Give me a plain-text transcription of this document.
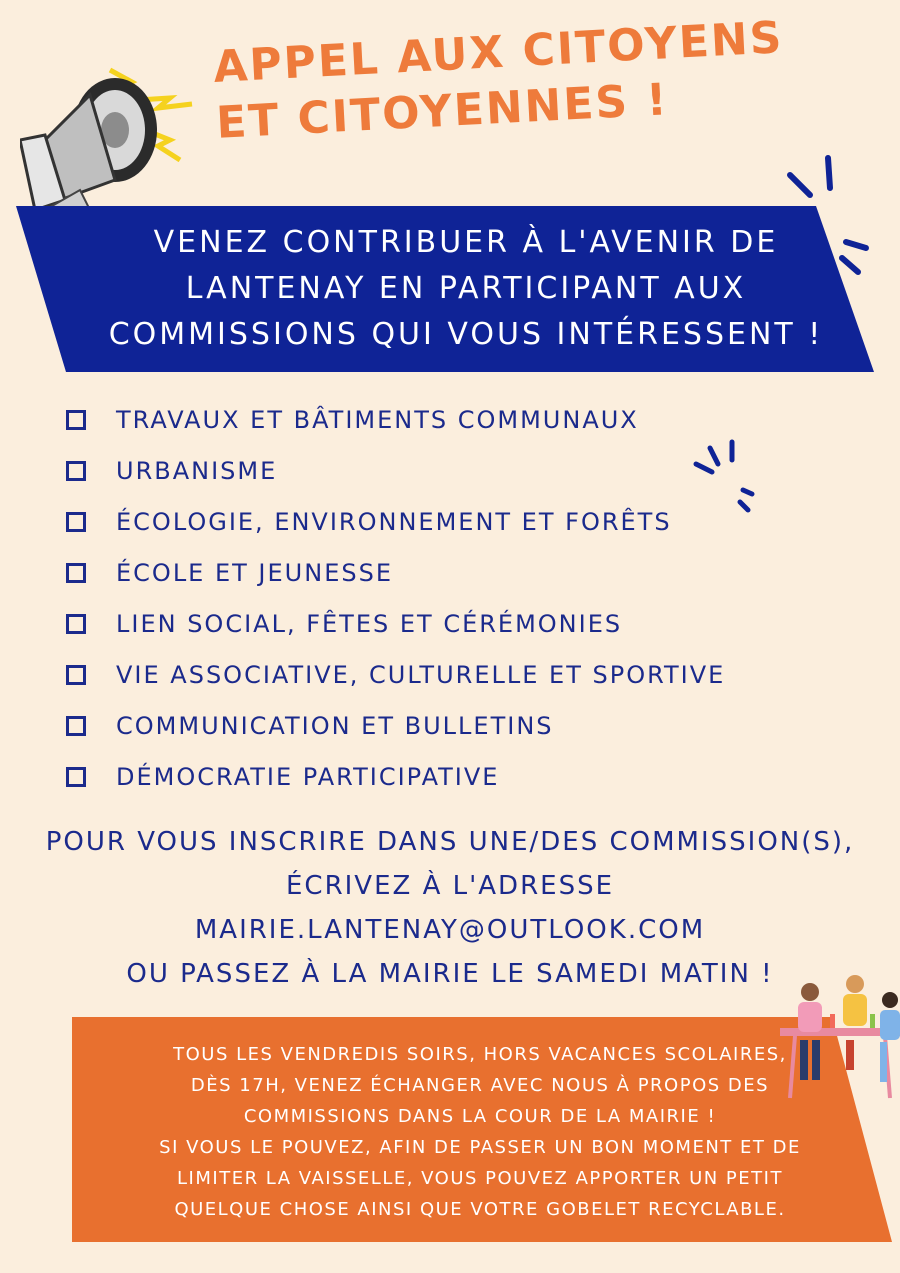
APPEL AUX CITOYENS
ET CITOYENNES !
VENEZ CONTRIBUER À L'AVENIR DE
LANTENAY EN PARTICIPANT AUX
COMMISSIONS QUI VOUS INTÉRESSENT !
TRAVAUX ET BÂTIMENTS COMMUNAUX
URBANISME
ÉCOLOGIE, ENVIRONNEMENT ET FORÊTS
ÉCOLE ET JEUNESSE
LIEN SOCIAL, FÊTES ET CÉRÉMONIES
VIE ASSOCIATIVE, CULTURELLE ET SPORTIVE
COMMUNICATION ET BULLETINS
DÉMOCRATIE PARTICIPATIVE
POUR VOUS INSCRIRE DANS UNE/DES COMMISSION(S),
ÉCRIVEZ À L'ADRESSE
MAIRIE.LANTENAY@OUTLOOK.COM
OU PASSEZ À LA MAIRIE LE SAMEDI MATIN !
TOUS LES VENDREDIS SOIRS, HORS VACANCES SCOLAIRES,
DÈS 17H, VENEZ ÉCHANGER AVEC NOUS À PROPOS DES
COMMISSIONS DANS LA COUR DE LA MAIRIE !
SI VOUS LE POUVEZ, AFIN DE PASSER UN BON MOMENT ET DE
LIMITER LA VAISSELLE, VOUS POUVEZ APPORTER UN PETIT
QUELQUE CHOSE AINSI QUE VOTRE GOBELET RECYCLABLE.
